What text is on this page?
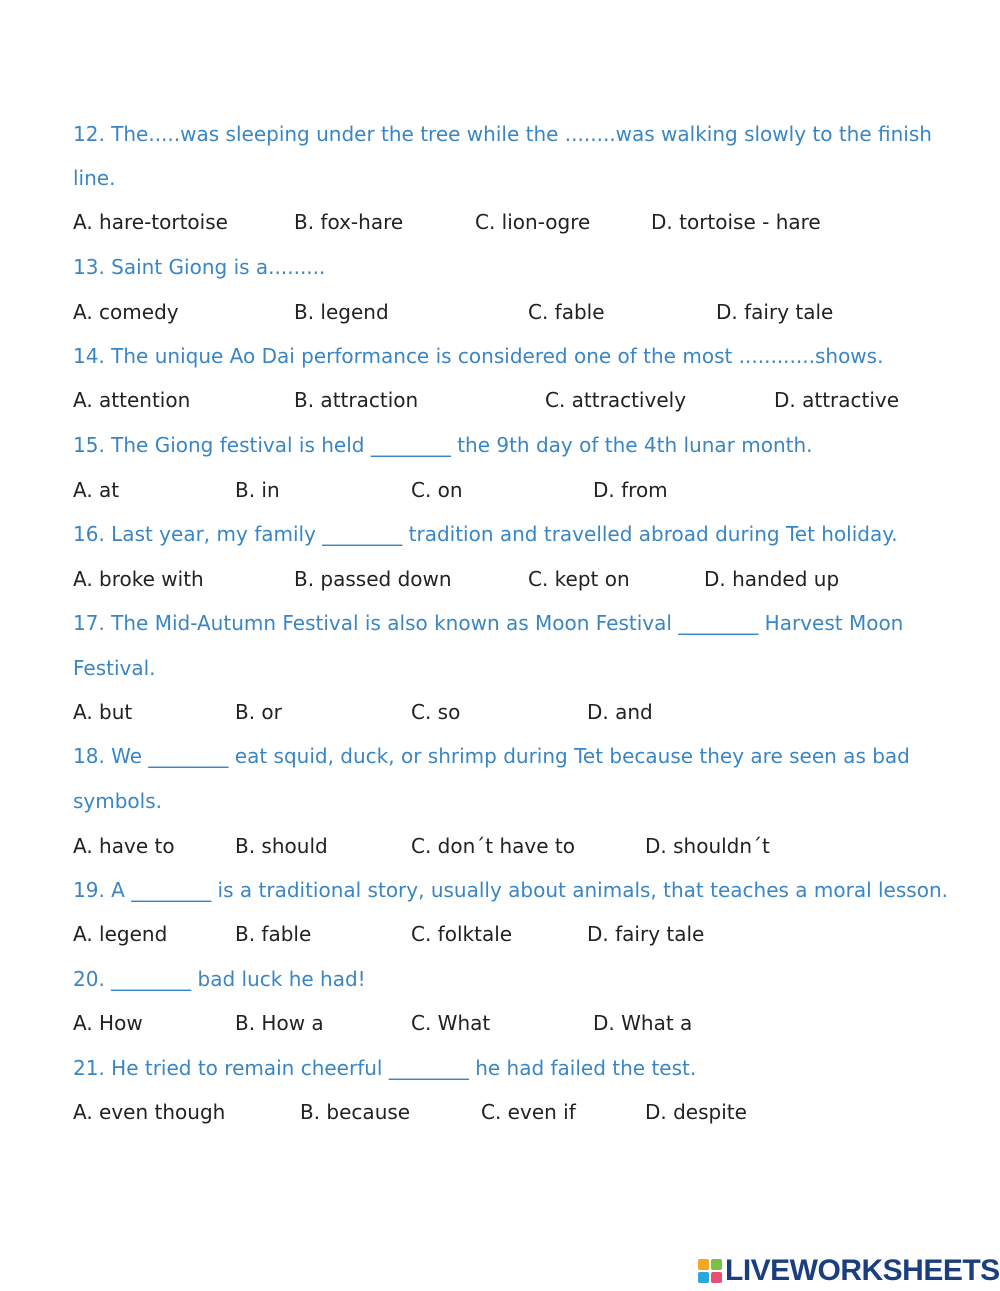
12. The.....was sleeping under the tree while the ........was walking slowly to the finish
line.
A. hare-tortoise	B. fox-hare	C. lion-ogre	D. tortoise - hare
13. Saint Giong is a.........
A. comedy	B. legend	C. fable	D. fairy tale
14. The unique Ao Dai performance is considered one of the most ............shows.
A. attention	B. attraction	C. attractively	D. attractive
15. The Giong festival is held ________ the 9th day of the 4th lunar month.
A. at	B. in	C. on	D. from
16. Last year, my family ________ tradition and travelled abroad during Tet holiday.
A. broke with	B. passed down	C. kept on	D. handed up
17. The Mid-Autumn Festival is also known as Moon Festival ________ Harvest Moon
Festival.
A. but	B. or	C. so	D. and
18. We ________ eat squid, duck, or shrimp during Tet because they are seen as bad
symbols.
A. have to	B. should	C. don´t have to	D. shouldn´t
19. A ________ is a traditional story, usually about animals, that teaches a moral lesson.
A. legend	B. fable	C. folktale	D. fairy tale
20. ________ bad luck he had!
A. How	B. How a	C. What	D. What a
21. He tried to remain cheerful ________ he had failed the test.
A. even though	B. because	C. even if	D. despite
LIVEWORKSHEETS
